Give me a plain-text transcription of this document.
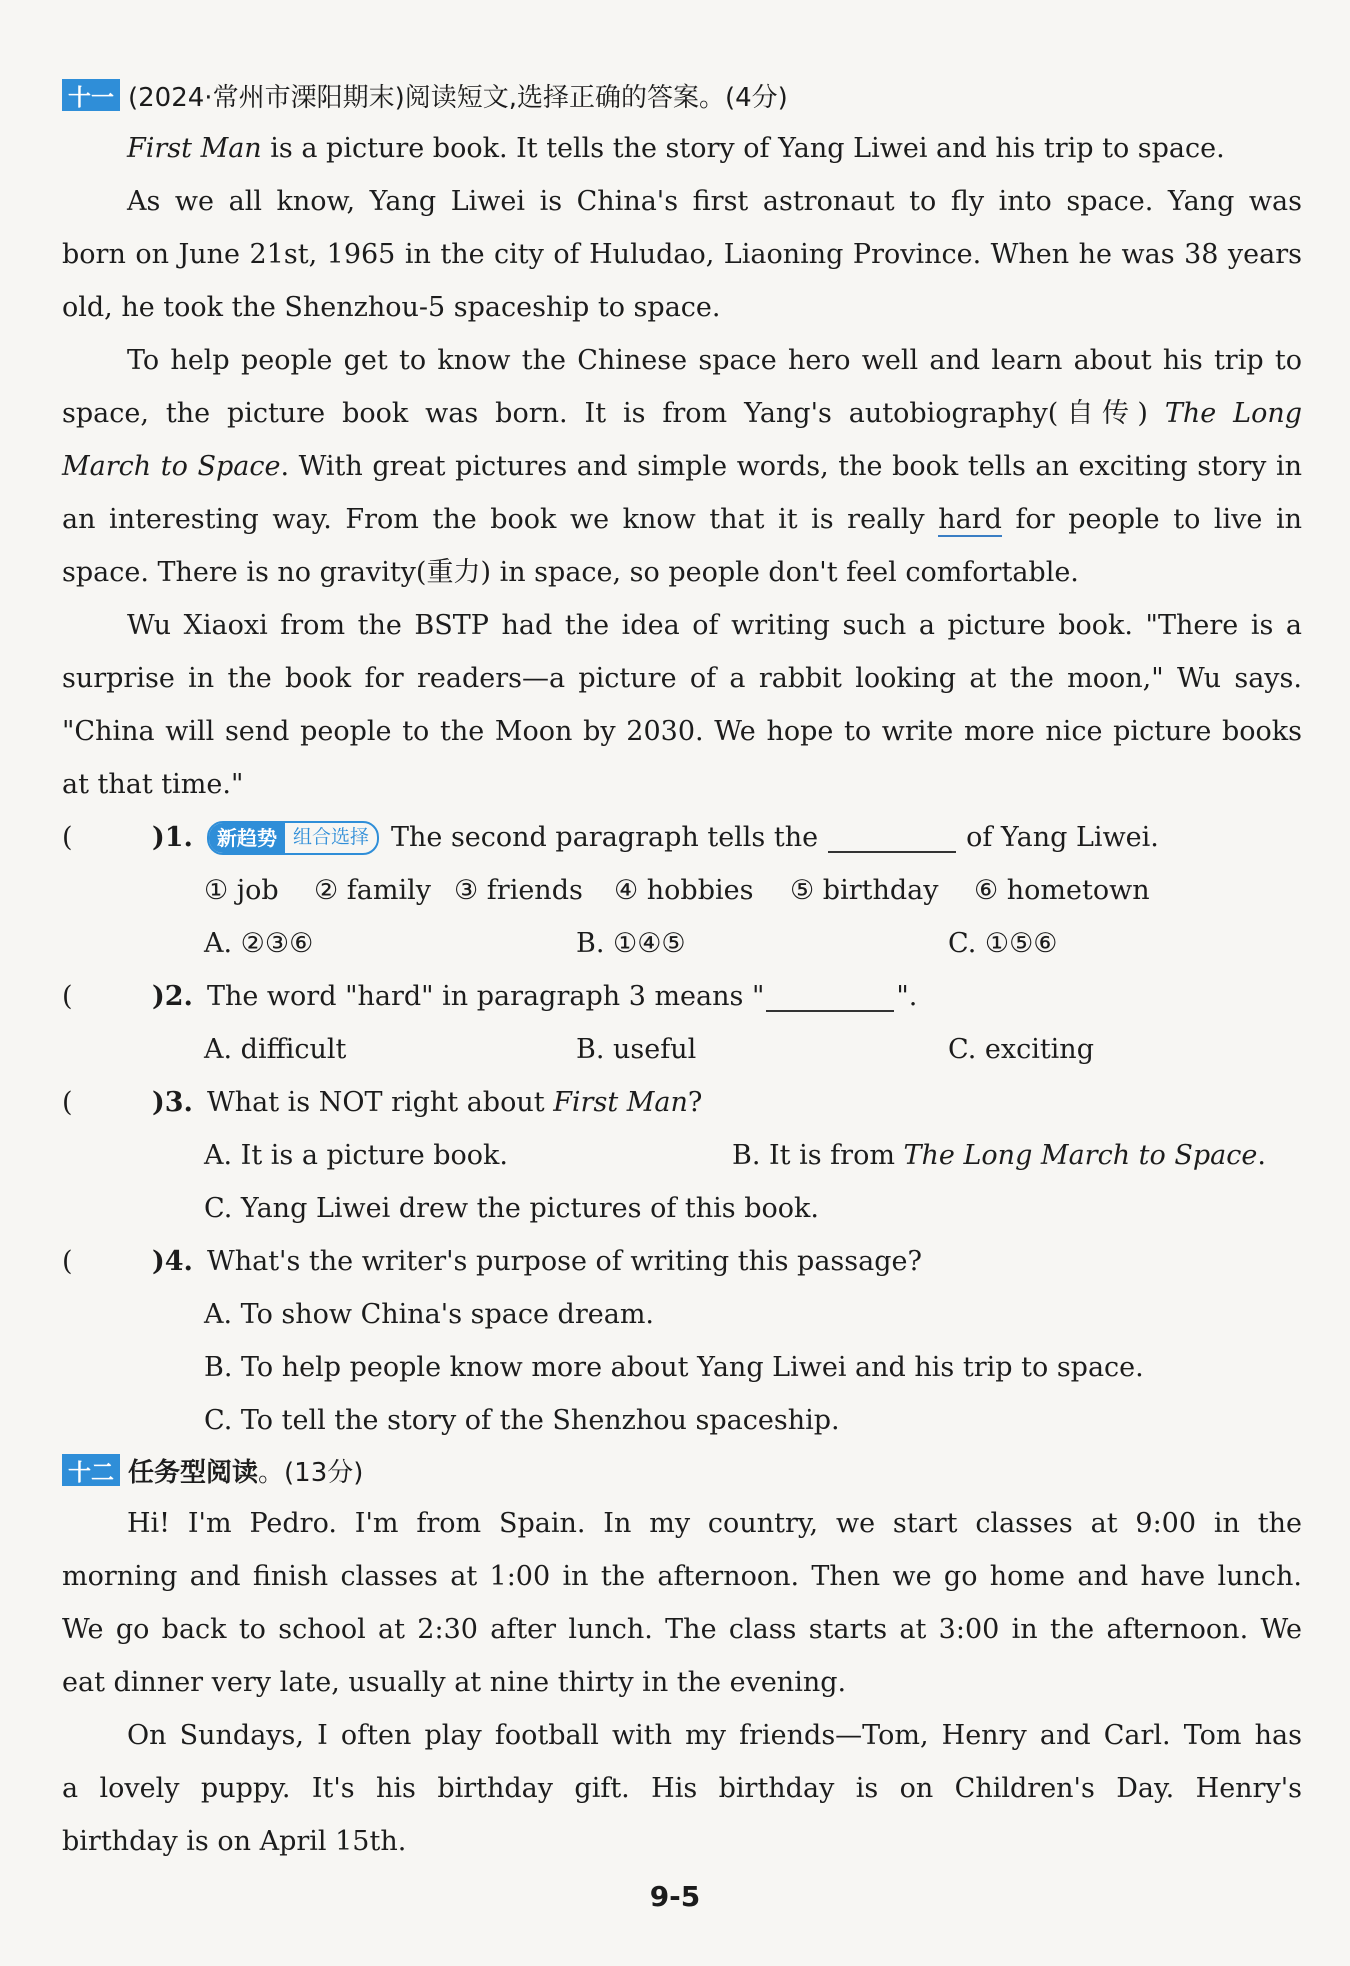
十一 (2024·常州市溧阳期末)阅读短文,选择正确的答案。(4分)
First Man is a picture book. It tells the story of Yang Liwei and his trip to space.
As we all know, Yang Liwei is China's first astronaut to fly into space. Yang was
born on June 21st, 1965 in the city of Huludao, Liaoning Province. When he was 38 years
old, he took the Shenzhou-5 spaceship to space.
To help people get to know the Chinese space hero well and learn about his trip to
space, the picture book was born. It is from Yang's autobiography(自传) The Long
March to Space. With great pictures and simple words, the book tells an exciting story in
an interesting way. From the book we know that it is really hard for people to live in
space. There is no gravity(重力) in space, so people don't feel comfortable.
Wu Xiaoxi from the BSTP had the idea of writing such a picture book. "There is a
surprise in the book for readers—a picture of a rabbit looking at the moon," Wu says.
"China will send people to the Moon by 2030. We hope to write more nice picture books
at that time."
(	)1.	新趋势 组合选择 The second paragraph tells the	of Yang Liwei.
① job	② family ③ friends	④ hobbies	⑤ birthday	⑥ hometown
A. ②③⑥	B. ①④⑤	C. ①⑤⑥
(	)2. The word "hard" in paragraph 3 means "	".
A. difficult	B. useful	C. exciting
(	)3. What is NOT right about
First Man ?
A. It is a picture book.	B. It is from The Long March to Space.
C. Yang Liwei drew the pictures of this book.
(	)4. What's the writer's purpose of writing this passage?
A. To show China's space dream.
B. To help people know more about Yang Liwei and his trip to space.
C. To tell the story of the Shenzhou spaceship.
十二 任务型阅读。(13分)
Hi! I'm Pedro. I'm from Spain. In my country, we start classes at 9:00 in the
morning and finish classes at 1:00 in the afternoon. Then we go home and have lunch.
We go back to school at 2:30 after lunch. The class starts at 3:00 in the afternoon. We
eat dinner very late, usually at nine thirty in the evening.
On Sundays, I often play football with my friends—Tom, Henry and Carl. Tom has
a lovely puppy. It's his birthday gift. His birthday is on Children's Day. Henry's
birthday is on April 15th.
9-5
